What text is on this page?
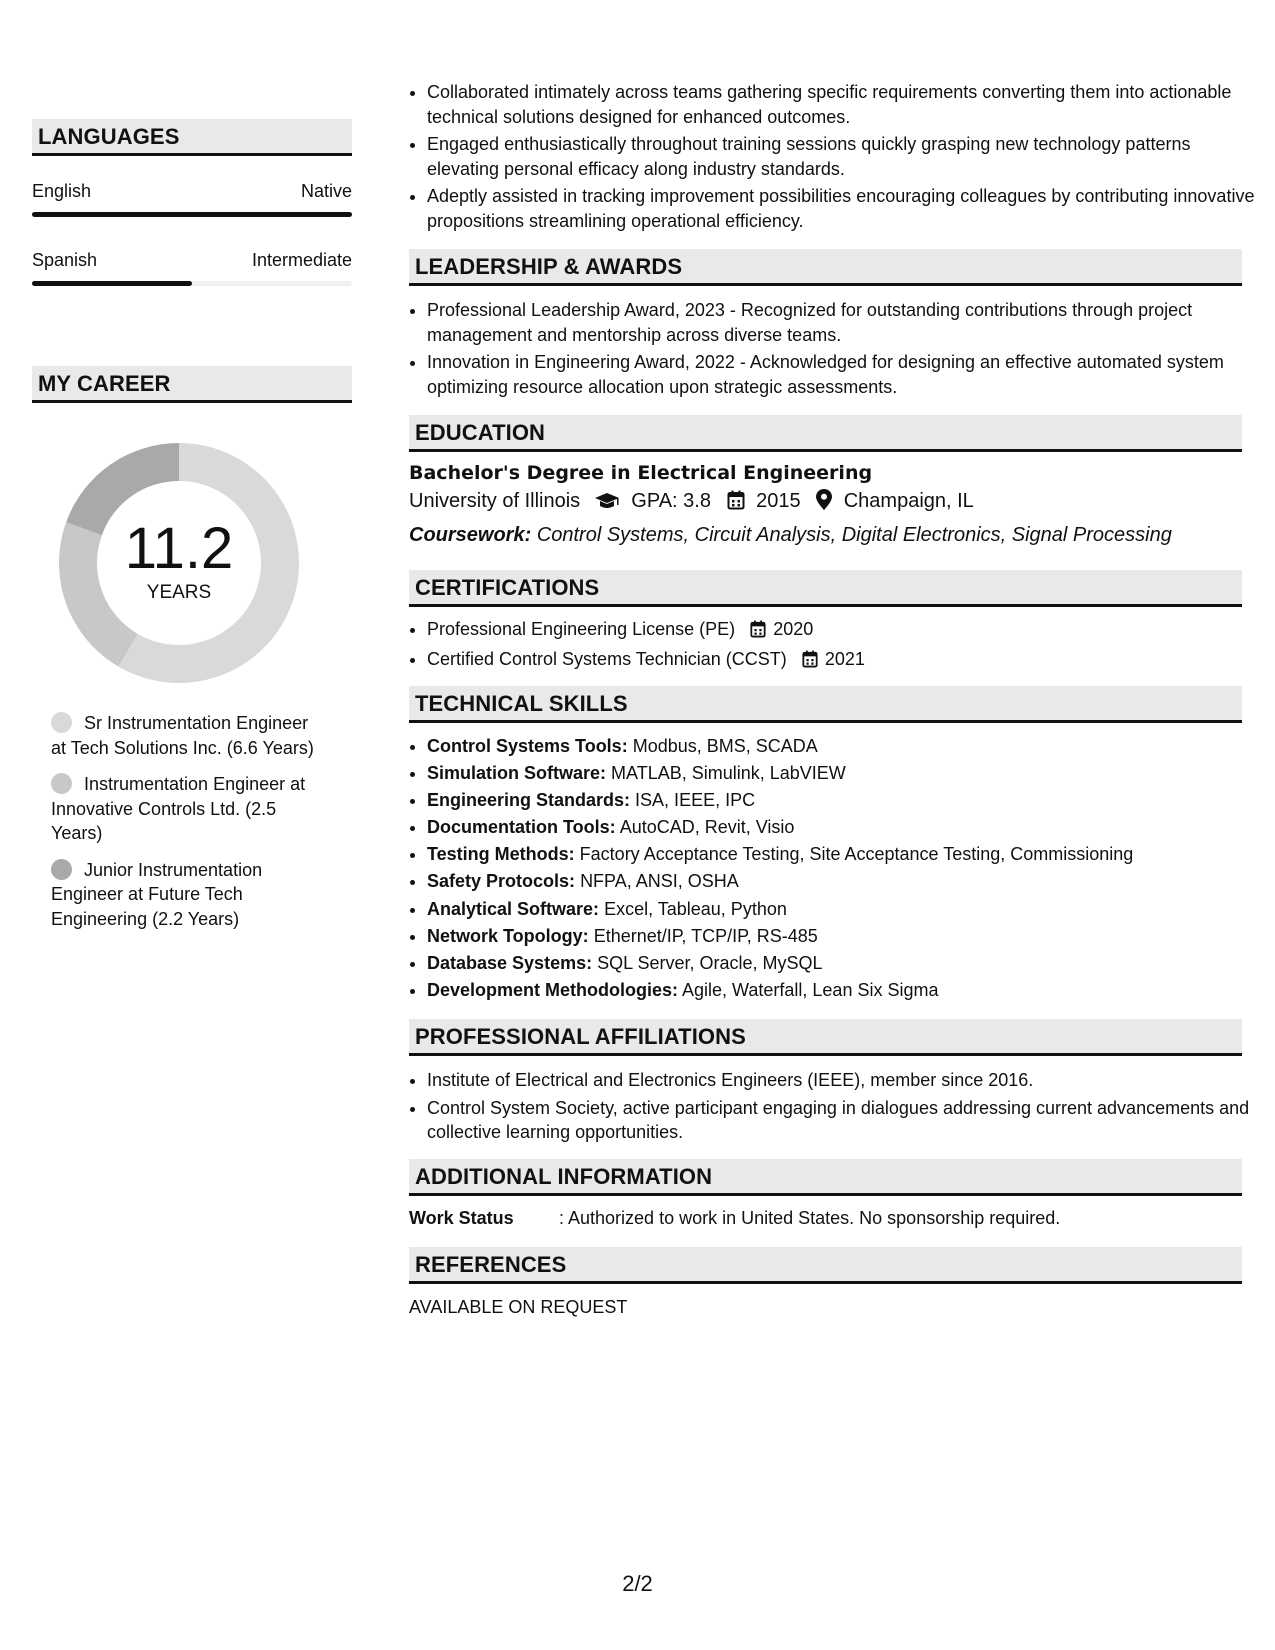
LANGUAGES
English	Native
Spanish	Intermediate
MY CAREER
11.2
YEARS
Sr Instrumentation Engineer at Tech Solutions Inc. (6.6 Years)
Instrumentation Engineer at Innovative Controls Ltd. (2.5 Years)
Junior Instrumentation Engineer at Future Tech Engineering (2.2 Years)
• Collaborated intimately across teams gathering specific requirements converting them into actionable technical solutions designed for enhanced outcomes.
• Engaged enthusiastically throughout training sessions quickly grasping new technology patterns elevating personal efficacy along industry standards.
• Adeptly assisted in tracking improvement possibilities encouraging colleagues by contributing innovative propositions streamlining operational efficiency.
LEADERSHIP & AWARDS
• Professional Leadership Award, 2023 - Recognized for outstanding contributions through project management and mentorship across diverse teams.
• Innovation in Engineering Award, 2022 - Acknowledged for designing an effective automated system optimizing resource allocation upon strategic assessments.
EDUCATION
Bachelor's Degree in Electrical Engineering
University of Illinois	GPA: 3.8 2015 Champaign, IL
Coursework: Control Systems, Circuit Analysis, Digital Electronics, Signal Processing
CERTIFICATIONS
• Professional Engineering License (PE) 2020
• Certified Control Systems Technician (CCST) 2021
TECHNICAL SKILLS
• Control Systems Tools: Modbus, BMS, SCADA
• Simulation Software: MATLAB, Simulink, LabVIEW
• Engineering Standards: ISA, IEEE, IPC
• Documentation Tools: AutoCAD, Revit, Visio
• Testing Methods: Factory Acceptance Testing, Site Acceptance Testing, Commissioning
• Safety Protocols: NFPA, ANSI, OSHA
• Analytical Software: Excel, Tableau, Python
• Network Topology: Ethernet/IP, TCP/IP, RS-485
• Database Systems: SQL Server, Oracle, MySQL
• Development Methodologies: Agile, Waterfall, Lean Six Sigma
PROFESSIONAL AFFILIATIONS
• Institute of Electrical and Electronics Engineers (IEEE), member since 2016.
• Control System Society, active participant engaging in dialogues addressing current advancements and collective learning opportunities.
ADDITIONAL INFORMATION
Work Status	: Authorized to work in United States. No sponsorship required.
REFERENCES
AVAILABLE ON REQUEST
2/2
